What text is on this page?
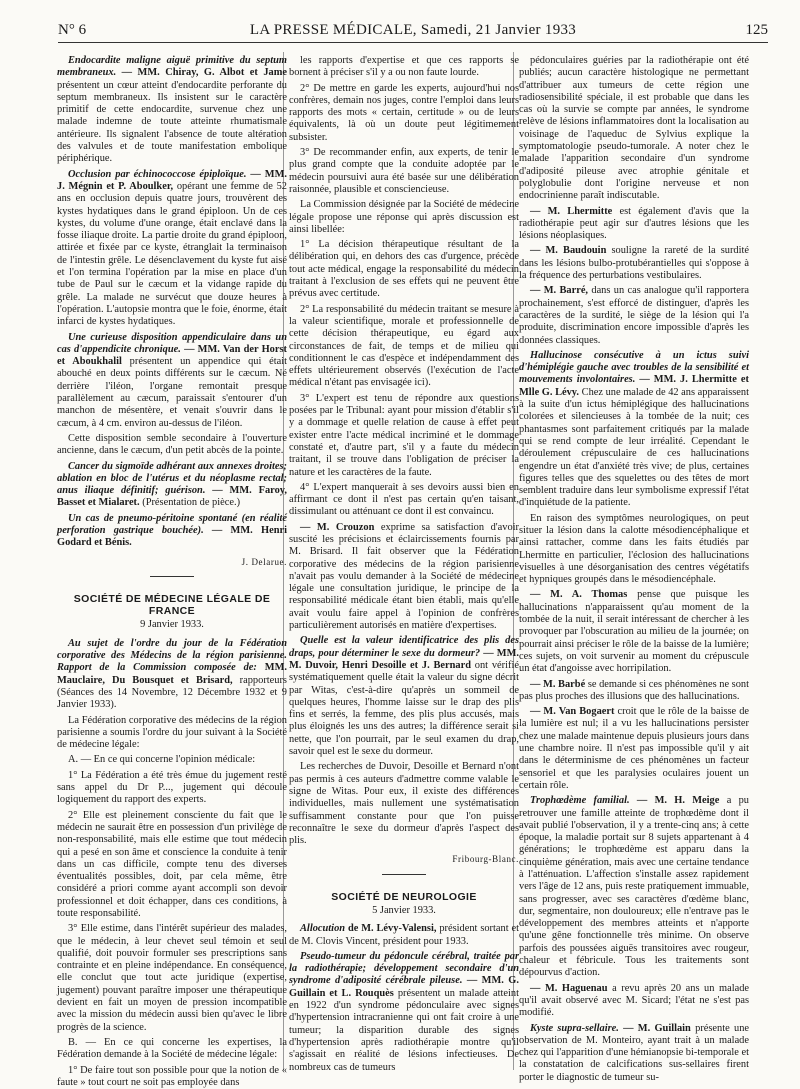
N° 6	LA PRESSE MÉDICALE, Samedi, 21 Janvier 1933	125

Endocardite maligne aiguë primitive du septum membraneux. — MM. Chiray, G. Albot et Jame présentent un cœur atteint d'endocardite perforante du septum membraneux. Ils insistent sur le caractère primitif de cette endocardite, survenue chez une malade indemne de toute atteinte rhumatismale antérieure. Ils signalent l'absence de toute altération des valvules et de toute manifestation embolique périphérique.

Occlusion par échinococcose épiploïque. — MM. J. Mégnin et P. Aboulker, opérant une femme de 52 ans en occlusion depuis quatre jours, trouvèrent des kystes hydatiques dans le grand épiploon. Un de ces kystes, du volume d'une orange, était enclavé dans la fosse iliaque droite. La partie droite du grand épiploon, attirée et fixée par ce kyste, étranglait la terminaison de l'intestin grêle. Le désenclavement du kyste fut aisé et l'on termina l'opération par la mise en place d'un tube de Paul sur le cæcum et la vidange rapide du grêle. La malade ne survécut que douze heures à l'opération. L'autopsie montra que le foie, énorme, était infarci de kystes hydatiques.

Une curieuse disposition appendiculaire dans un cas d'appendicite chronique. — MM. Van der Horst et Aboukhalil présentent un appendice qui était abouché en deux points différents sur le cæcum. Né derrière l'iléon, l'organe remontait presque parallèlement au cæcum, paraissait s'entourer d'un manchon de mésentère, et venait s'ouvrir dans le cæcum, à 4 cm. environ au-dessus de l'iléon.

Cette disposition semble secondaire à l'ouverture ancienne, dans le cæcum, d'un petit abcès de la pointe.

Cancer du sigmoïde adhérant aux annexes droites; ablation en bloc de l'utérus et du néoplasme rectal; anus iliaque définitif; guérison. — MM. Faroy, Basset et Mialaret. (Présentation de pièce.)

Un cas de pneumo-péritoine spontané (en réalité perforation gastrique bouchée). — MM. Henri Godard et Bénis.

J. Delarue.

SOCIÉTÉ DE MÉDECINE LÉGALE DE FRANCE

9 Janvier 1933.

Au sujet de l'ordre du jour de la Fédération corporative des Médecins de la région parisienne. Rapport de la Commission composée de: MM. Mauclaire, Du Bousquet et Brisard, rapporteurs (Séances des 14 Novembre, 12 Décembre 1932 et 9 Janvier 1933).

La Fédération corporative des médecins de la région parisienne a soumis l'ordre du jour suivant à la Société de médecine légale:

A. — En ce qui concerne l'opinion médicale:

1° La Fédération a été très émue du jugement resté sans appel du Dr P..., jugement qui découle logiquement du rapport des experts.

2° Elle est pleinement consciente du fait que le médecin ne saurait être en possession d'un privilège de non-responsabilité, mais elle estime que tout médecin qui a pesé en son âme et conscience la conduite à tenir dans un cas difficile, compte tenu des diverses éventualités possibles, doit, par cela même, être considéré a priori comme ayant accompli son devoir professionnel et doit échapper, dans ces conditions, à toute responsabilité.

3° Elle estime, dans l'intérêt supérieur des malades, que le médecin, à leur chevet seul témoin et seul qualifié, doit pouvoir formuler ses prescriptions sans contrainte et en pleine indépendance. En conséquence, elle conclut que tout acte juridique (expertise, jugement) pouvant paraître imposer une thérapeutique devient en fait un moyen de pression incompatible avec la mission du médecin aussi bien qu'avec le libre progrès de la science.

B. — En ce qui concerne les expertises, la Fédération demande à la Société de médecine légale:

1° De faire tout son possible pour que la notion de « faute » tout court ne soit pas employée dans

les rapports d'expertise et que ces rapports se bornent à préciser s'il y a ou non faute lourde.

2° De mettre en garde les experts, aujourd'hui nos confrères, demain nos juges, contre l'emploi dans leurs rapports des mots « certain, certitude » ou de leurs équivalents, là où un doute peut légitimement subsister.

3° De recommander enfin, aux experts, de tenir le plus grand compte que la conduite adoptée par le médecin poursuivi aura été basée sur une délibération raisonnée, plausible et consciencieuse.

La Commission désignée par la Société de médecine légale propose une réponse qui après discussion est ainsi libellée:

1° La décision thérapeutique résultant de la délibération qui, en dehors des cas d'urgence, précède tout acte médical, engage la responsabilité du médecin traitant à l'exclusion de ses effets qui ne peuvent être prévus avec certitude.

2° La responsabilité du médecin traitant se mesure à la valeur scientifique, morale et professionnelle de cette décision thérapeutique, eu égard aux circonstances de fait, de temps et de milieu qui conditionnent le cas d'espèce et indépendamment des effets ultérieurement observés (l'exécution de l'acte médical n'étant pas envisagée ici).

3° L'expert est tenu de répondre aux questions posées par le Tribunal: ayant pour mission d'établir s'il y a dommage et quelle relation de cause à effet peut exister entre l'acte médical incriminé et le dommage constaté et, d'autre part, s'il y a faute du médecin traitant, il se trouve dans l'obligation de préciser la nature et les caractères de la faute.

4° L'expert manquerait à ses devoirs aussi bien en affirmant ce dont il n'est pas certain qu'en taisant, dissimulant ou atténuant ce dont il est convaincu.

— M. Crouzon exprime sa satisfaction d'avoir suscité les précisions et éclaircissements fournis par M. Brisard. Il fait observer que la Fédération corporative des médecins de la région parisienne n'avait pas voulu demander à la Société de médecine légale une consultation juridique, le principe de la responsabilité médicale étant bien établi, mais qu'elle avait voulu faire appel à l'opinion de confrères particulièrement autorisés en matière d'expertises.

Quelle est la valeur identificatrice des plis des draps, pour déterminer le sexe du dormeur? — MM. M. Duvoir, Henri Desoille et J. Bernard ont vérifié systématiquement quelle était la valeur du signe décrit par Witas, c'est-à-dire qu'après un sommeil de quelques heures, l'homme laisse sur le drap des plis fins et serrés, la femme, des plis plus accusés, mais plus éloignés les uns des autres; la différence serait si nette, que l'on pourrait, par le seul examen du drap, savoir quel est le sexe du dormeur.

Les recherches de Duvoir, Desoille et Bernard n'ont pas permis à ces auteurs d'admettre comme valable le signe de Witas. Pour eux, il existe des différences individuelles, mais nullement une systématisation suffisamment constante pour que l'on puisse reconnaître le sexe du dormeur d'après l'aspect des plis.

Fribourg-Blanc.

SOCIÉTÉ DE NEUROLOGIE

5 Janvier 1933.

Allocution de M. Lévy-Valensi, président sortant et de M. Clovis Vincent, président pour 1933.

Pseudo-tumeur du pédoncule cérébral, traitée par la radiothérapie; développement secondaire d'un syndrome d'adiposité cérébrale pileuse. — MM. G. Guillain et L. Rouquès présentent un malade atteint en 1922 d'un syndrome pédonculaire avec signes d'hypertension intracranienne qui ont fait croire à une tumeur; la disparition durable des signes d'hypertension après radiothérapie montre qu'il s'agissait en réalité de lésions infectieuses. De nombreux cas de tumeurs

pédonculaires guéries par la radiothérapie ont été publiés; aucun caractère histologique ne permettant d'attribuer aux tumeurs de cette région une radiosensibilité spéciale, il est probable que dans les cas où la survie se compte par années, le syndrome relève de lésions inflammatoires dont la localisation au voisinage de l'aqueduc de Sylvius explique la symptomatologie pseudo-tumorale. A noter chez le malade l'apparition secondaire d'un syndrome d'adiposité pileuse avec atrophie génitale et polyglobulie dont l'origine nerveuse et non endocrinienne paraît indiscutable.

— M. Lhermitte est également d'avis que la radiothérapie peut agir sur d'autres lésions que les lésions néoplasiques.

— M. Baudouin souligne la rareté de la surdité dans les lésions bulbo-protubérantielles qui s'oppose à la fréquence des perturbations vestibulaires.

— M. Barré, dans un cas analogue qu'il rapportera prochainement, s'est efforcé de distinguer, d'après les caractères de la surdité, le siège de la lésion qui l'a produite, discrimination encore impossible d'après les données classiques.

Hallucinose consécutive à un ictus suivi d'hémiplégie gauche avec troubles de la sensibilité et mouvements involontaires. — MM. J. Lhermitte et Mlle G. Lévy. Chez une malade de 42 ans apparaissent à la suite d'un ictus hémiplégique des hallucinations colorées et silencieuses à la tombée de la nuit; ces phantasmes sont parfaitement critiqués par la malade qui se rend compte de leur irréalité. Cependant le déroulement crépusculaire de ces hallucinations engendre un état d'anxiété très vive; de plus, certaines figures telles que des squelettes ou des têtes de mort semblent traduire dans leur symbolisme expressif l'état d'inquiétude de la patiente.

En raison des symptômes neurologiques, on peut situer la lésion dans la calotte mésodiencéphalique et ainsi rattacher, comme dans les faits étudiés par Lhermitte en particulier, l'éclosion des hallucinations visuelles à une désorganisation des centres végétatifs et hypniques groupés dans le mésodiencéphale.

— M. A. Thomas pense que puisque les hallucinations n'apparaissent qu'au moment de la tombée de la nuit, il serait intéressant de chercher à les provoquer par l'obscuration au milieu de la journée; on pourrait ainsi préciser le rôle de la baisse de la lumière; ces sujets, on voit survenir au moment du crépuscule un état d'angoisse avec horripilation.

— M. Barbé se demande si ces phénomènes ne sont pas plus proches des illusions que des hallucinations.

— M. Van Bogaert croit que le rôle de la baisse de la lumière est nul; il a vu les hallucinations persister chez une malade maintenue depuis plusieurs jours dans une chambre noire. Il n'est pas impossible qu'il y ait dans le déterminisme de ces phénomènes un facteur sensoriel et que les paralysies oculaires jouent un certain rôle.

Trophœdème familial. — M. H. Meige a pu retrouver une famille atteinte de trophœdème dont il avait publié l'observation, il y a trente-cinq ans; à cette époque, la maladie portait sur 8 sujets appartenant à 4 générations; le trophœdème est apparu dans la cinquième génération, mais avec une certaine tendance à l'atténuation. L'affection s'installe assez rapidement vers l'âge de 12 ans, puis reste pratiquement immuable, sans progresser, avec ses caractères d'œdème blanc, dur, segmentaire, non douloureux; elle n'entrave pas le développement des membres atteints et n'apporte qu'une gêne fonctionnelle très minime. On observe parfois des poussées aiguës transitoires avec rougeur, chaleur et fébricule. Tous les traitements sont dépourvus d'action.

— M. Haguenau a revu après 20 ans un malade qu'il avait observé avec M. Sicard; l'état ne s'est pas modifié.

Kyste supra-sellaire. — M. Guillain présente une observation de M. Monteiro, ayant trait à un malade chez qui l'apparition d'une hémianopsie bi-temporale et la constatation de calcifications sus-sellaires firent porter le diagnostic de tumeur su-
